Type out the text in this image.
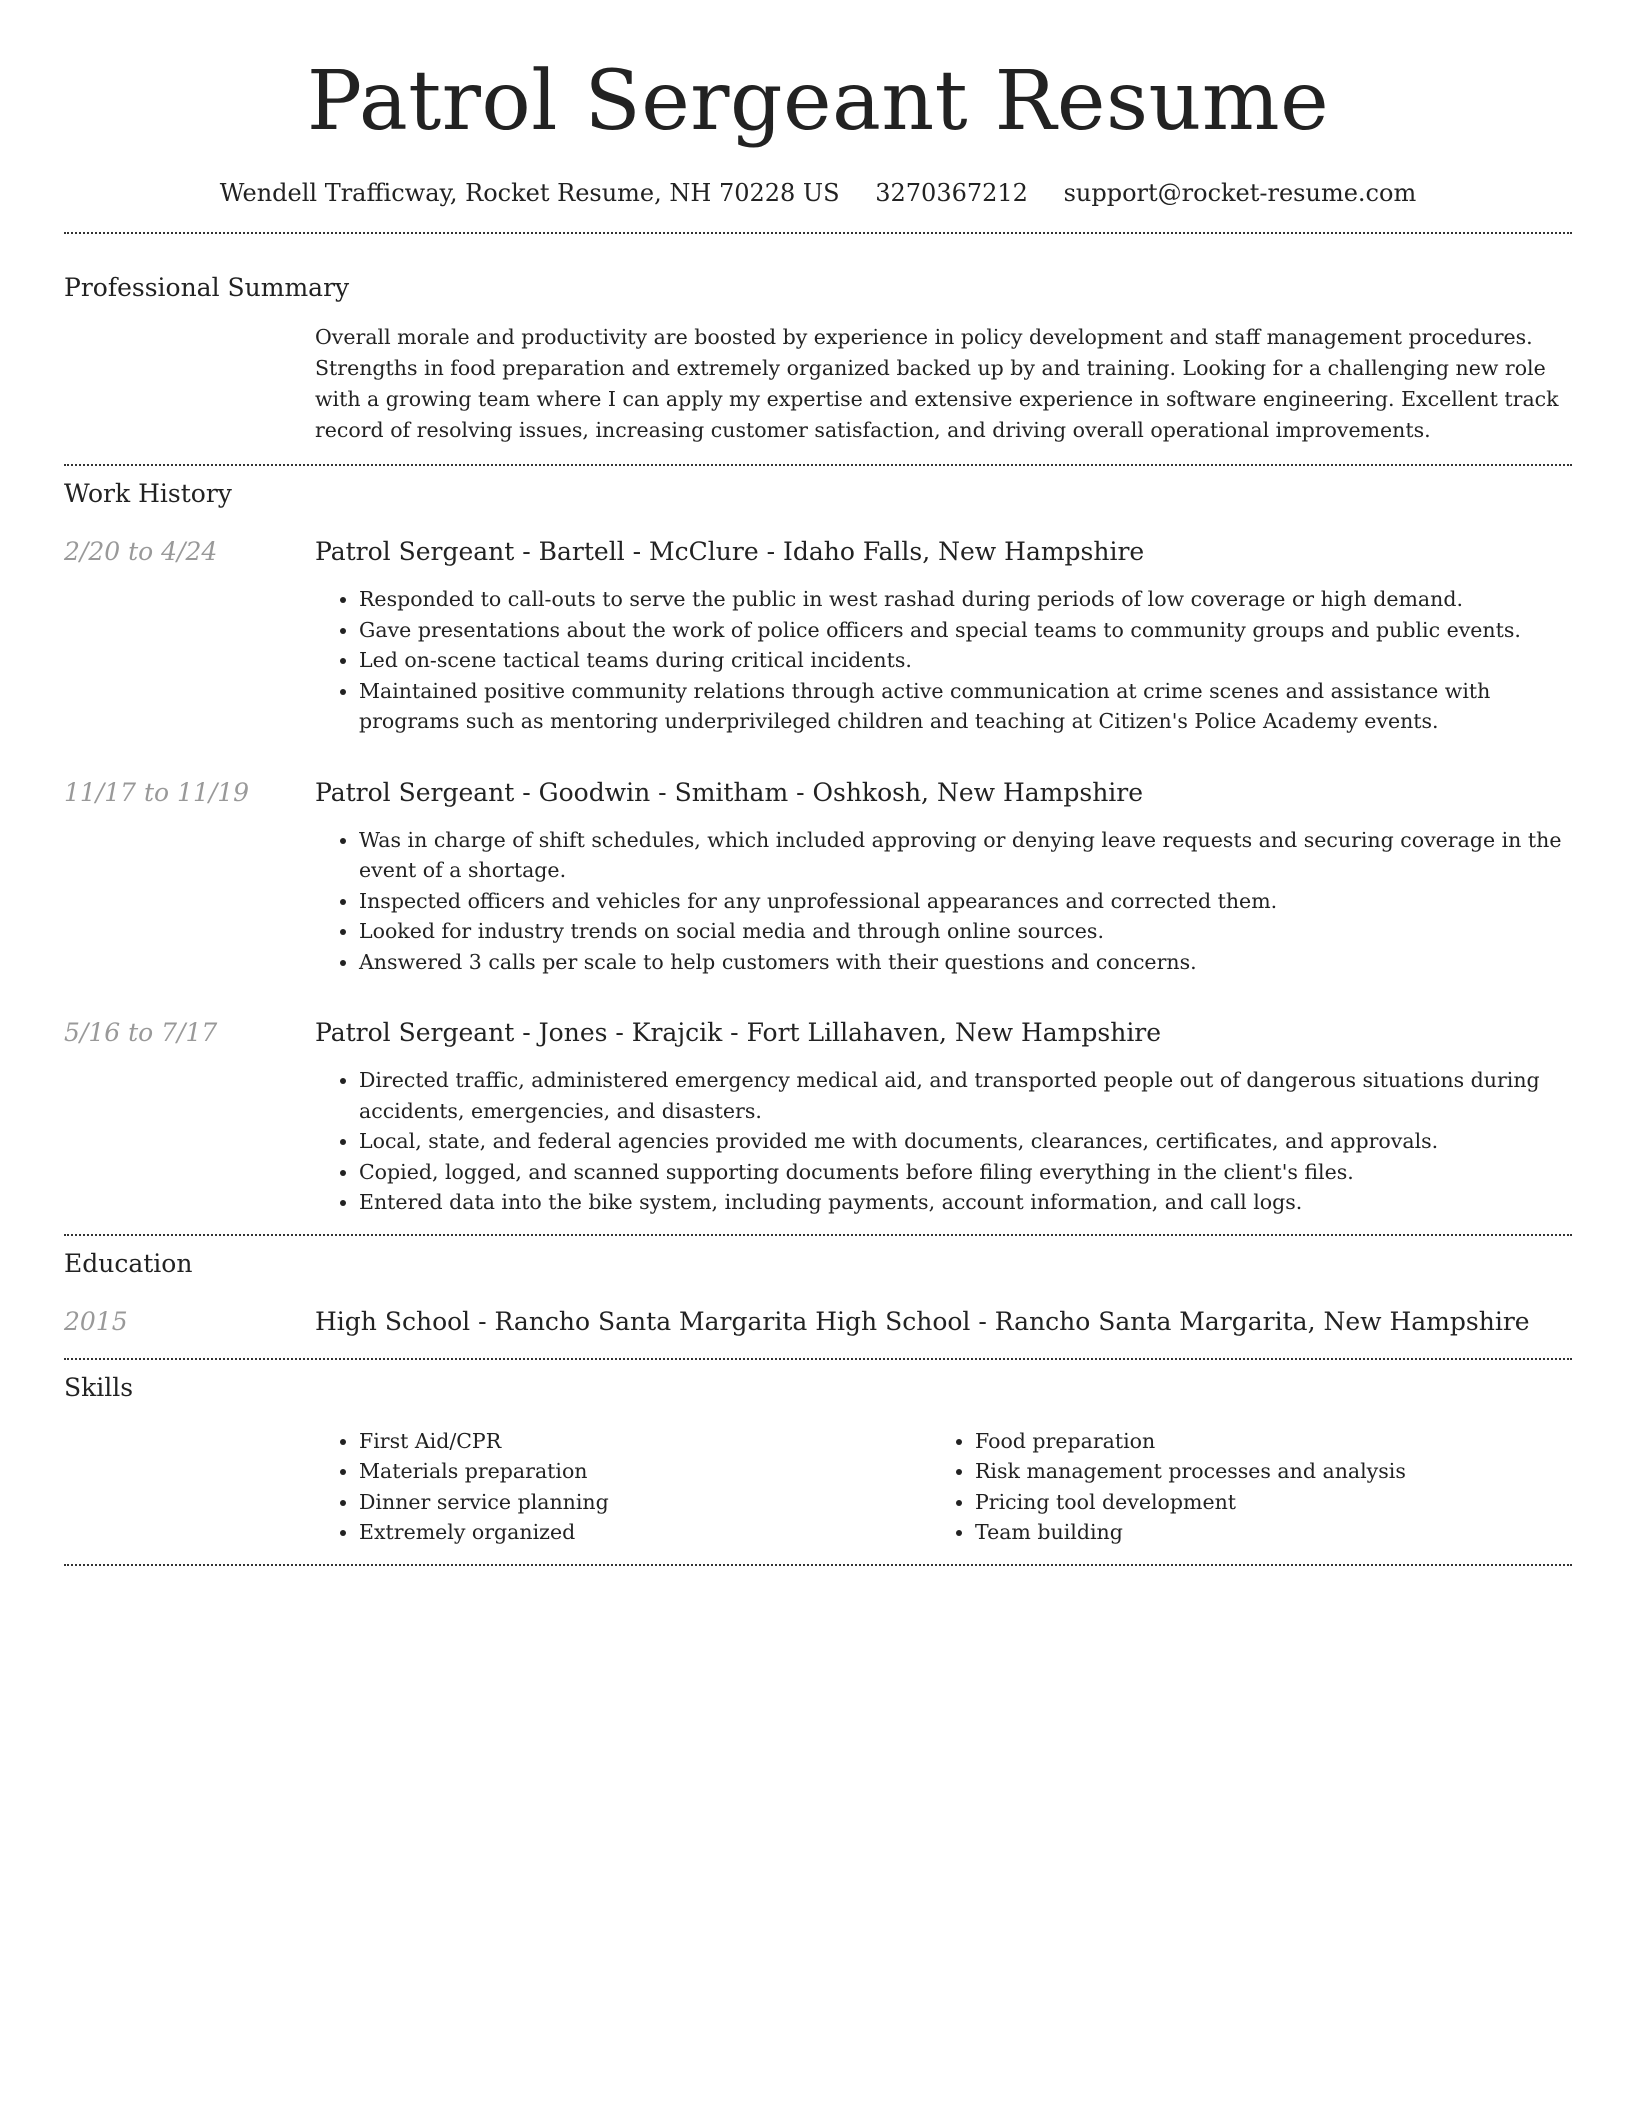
Patrol Sergeant Resume
Wendell Trafficway, Rocket Resume, NH 70228 US 3270367212 support@rocket-resume.com
Professional Summary

Overall morale and productivity are boosted by experience in policy development and staff management procedures. Strengths in food preparation and extremely organized backed up by and training. Looking for a challenging new role with a growing team where I can apply my expertise and extensive experience in software engineering. Excellent track record of resolving issues, increasing customer satisfaction, and driving overall operational improvements.

Work History
2/20 to 4/24	Patrol Sergeant - Bartell - McClure - Idaho Falls, New Hampshire
• Responded to call-outs to serve the public in west rashad during periods of low coverage or high demand.
• Gave presentations about the work of police officers and special teams to community groups and public events.
• Led on-scene tactical teams during critical incidents.
• Maintained positive community relations through active communication at crime scenes and assistance with programs such as mentoring underprivileged children and teaching at Citizen's Police Academy events.
11/17 to 11/19	Patrol Sergeant - Goodwin - Smitham - Oshkosh, New Hampshire
• Was in charge of shift schedules, which included approving or denying leave requests and securing coverage in the event of a shortage.
• Inspected officers and vehicles for any unprofessional appearances and corrected them.
• Looked for industry trends on social media and through online sources.
• Answered 3 calls per scale to help customers with their questions and concerns.
5/16 to 7/17	Patrol Sergeant - Jones - Krajcik - Fort Lillahaven, New Hampshire
• Directed traffic, administered emergency medical aid, and transported people out of dangerous situations during accidents, emergencies, and disasters.
• Local, state, and federal agencies provided me with documents, clearances, certificates, and approvals.
• Copied, logged, and scanned supporting documents before filing everything in the client's files.
• Entered data into the bike system, including payments, account information, and call logs.
Education
2015	High School - Rancho Santa Margarita High School - Rancho Santa Margarita, New Hampshire
Skills
• First Aid/CPR
• Materials preparation
• Dinner service planning
• Extremely organized
• Food preparation
• Risk management processes and analysis
• Pricing tool development
• Team building
